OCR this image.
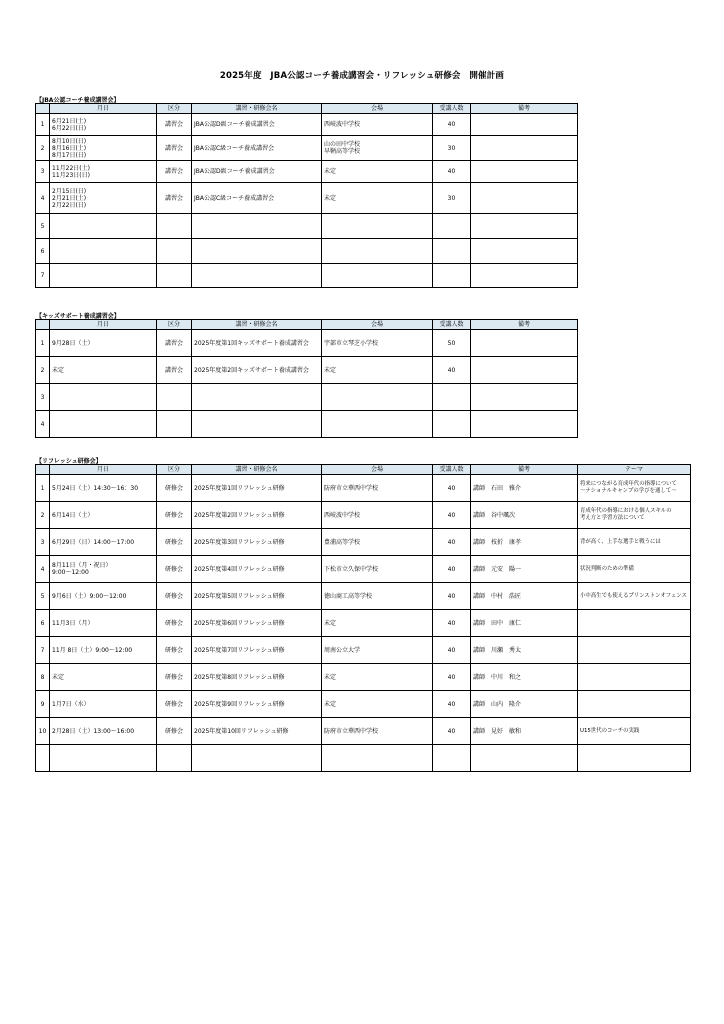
2025年度　JBA公認コーチ養成講習会・リフレッシュ研修会　開催計画
【JBA公認コーチ養成講習会】
	月日	区分	講習・研修会名	会場	受講人数	備考
1	6月21日(土)
6月22日(日)	講習会	JBA公認D級コーチ養成講習会	西岐波中学校	40	
2	8月10日(日)
8月16日(土)
8月17日(日)	講習会	JBA公認C級コーチ養成講習会	山の田中学校
早鞆高等学校	30	
3	11月22日(土)
11月23日(日)	講習会	JBA公認D級コーチ養成講習会	未定	40	
4	2月15日(日)
2月21日(土)
2月22日(日)	講習会	JBA公認C級コーチ養成講習会	未定	30	
5						
6						
7						
【キッズサポート養成講習会】
	月日	区分	講習・研修会名	会場	受講人数	備考
1	9月28日（土）	講習会	2025年度第1回キッズサポート養成講習会	宇部市立琴芝小学校	50	
2	未定	講習会	2025年度第2回キッズサポート養成講習会	未定	40	
3						
4						
【リフレッシュ研修会】
	月日	区分	講習・研修会名	会場	受講人数	備考	テーマ
1	5月24日（土）14:30～16：30	研修会	2025年度第1回リフレッシュ研修	防府市立華西中学校	40	講師 石田　雅介	将来につながる育成年代の指導について
～ナショナルキャンプの学びを通して～

2	6月14日（土）	研修会	2025年度第2回リフレッシュ研修	西岐波中学校	40	講師 谷中颯次	育成年代の指導における個人スキルの
考え方と学習方法について

3	6月29日（日）14:00～17:00	研修会	2025年度第3回リフレッシュ研修	豊浦高等学校	40	講師 枝折　康孝	背が高く、上手な選手と戦うには

4	8月11日（月・祝日）
9:00～12:00	研修会	2025年度第4回リフレッシュ研修	下松市立久保中学校	40	講師 元安　陽一	状況判断のための準備

5	9月6日（土）9:00～12:00	研修会	2025年度第5回リフレッシュ研修	徳山商工高等学校	40	講師 中村　浩匠	小中高生でも使えるプリンストンオフェンス

6	11月3日（月）	研修会	2025年度第6回リフレッシュ研修	未定	40	講師 田中　康仁	
7	11月 8日（土）9:00～12:00	研修会	2025年度第7回リフレッシュ研修	周南公立大学	40	講師 川瀬　秀太	
8	未定	研修会	2025年度第8回リフレッシュ研修	未定	40	講師 中川　和之	
9	1月7日（水）	研修会	2025年度第9回リフレッシュ研修	未定	40	講師 山内　隆介	
10	2月28日（土）13:00～16:00	研修会	2025年度第10回リフレッシュ研修	防府市立華西中学校	40	講師 見好　敏和	U15世代のコーチの実践
